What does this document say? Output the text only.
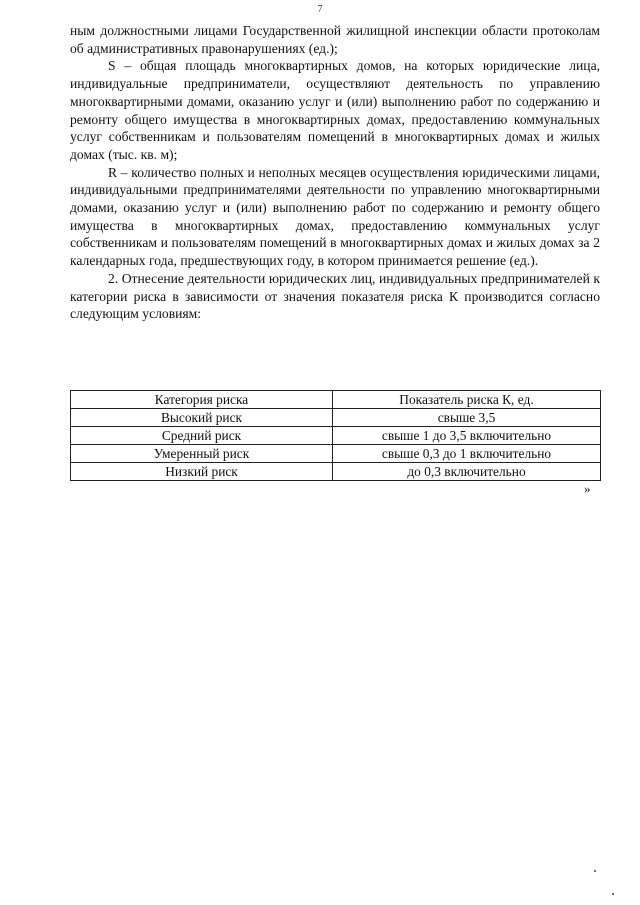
7

ным должностными лицами Государственной жилищной инспекции области протоколам об административных правонарушениях (ед.);

S – общая площадь многоквартирных домов, на которых юридические лица, индивидуальные предприниматели, осуществляют деятельность по управлению многоквартирными домами, оказанию услуг и (или) выполнению работ по содержанию и ремонту общего имущества в многоквартирных домах, предоставлению коммунальных услуг собственникам и пользователям помещений в многоквартирных домах и жилых домах (тыс. кв. м);

R – количество полных и неполных месяцев осуществления юридическими лицами, индивидуальными предпринимателями деятельности по управлению многоквартирными домами, оказанию услуг и (или) выполнению работ по содержанию и ремонту общего имущества в многоквартирных домах, предоставлению коммунальных услуг собственникам и пользователям помещений в многоквартирных домах и жилых домах за 2 календарных года, предшествующих году, в котором принимается решение (ед.).

2. Отнесение деятельности юридических лиц, индивидуальных предпринимателей к категории риска в зависимости от значения показателя риска К производится согласно следующим условиям:

Категория риска	Показатель риска К, ед.
Высокий риск	свыше 3,5
Средний риск	свыше 1 до 3,5 включительно
Умеренный риск	свыше 0,3 до 1 включительно
Низкий риск	до 0,3 включительно
»
